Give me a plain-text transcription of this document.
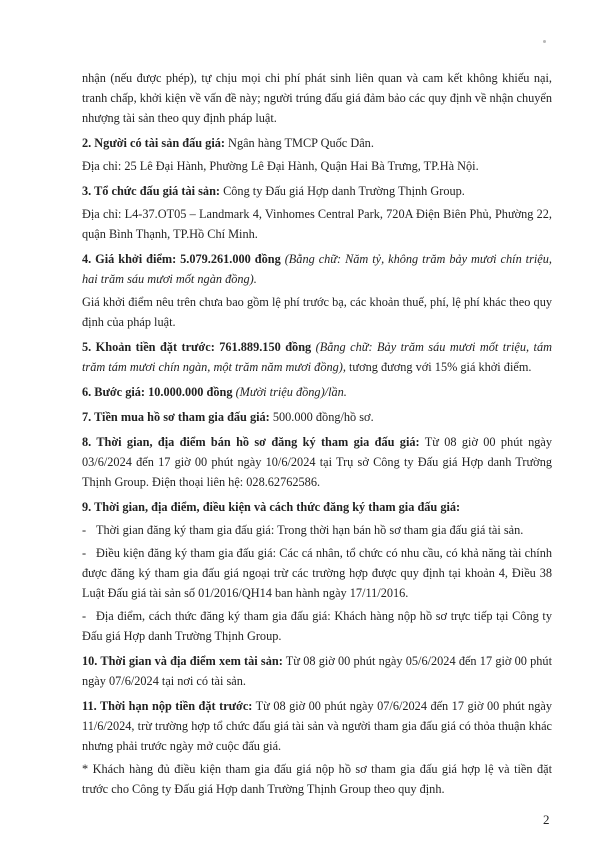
nhận (nếu được phép), tự chịu mọi chi phí phát sinh liên quan và cam kết không khiếu nại, tranh chấp, khởi kiện về vấn đề này; người trúng đấu giá đảm bảo các quy định về nhận chuyển nhượng tài sản theo quy định pháp luật.

2. Người có tài sản đấu giá: Ngân hàng TMCP Quốc Dân.

Địa chỉ: 25 Lê Đại Hành, Phường Lê Đại Hành, Quận Hai Bà Trưng, TP.Hà Nội.

3. Tổ chức đấu giá tài sản: Công ty Đấu giá Hợp danh Trường Thịnh Group.

Địa chỉ: L4-37.OT05 – Landmark 4, Vinhomes Central Park, 720A Điện Biên Phủ, Phường 22, quận Bình Thạnh, TP.Hồ Chí Minh.

4. Giá khởi điểm: 5.079.261.000 đồng (Bằng chữ: Năm tỷ, không trăm bảy mươi chín triệu, hai trăm sáu mươi mốt ngàn đồng).

Giá khởi điểm nêu trên chưa bao gồm lệ phí trước bạ, các khoản thuế, phí, lệ phí khác theo quy định của pháp luật.

5. Khoản tiền đặt trước: 761.889.150 đồng (Bằng chữ: Bảy trăm sáu mươi mốt triệu, tám trăm tám mươi chín ngàn, một trăm năm mươi đồng), tương đương với 15% giá khởi điểm.

6. Bước giá: 10.000.000 đồng (Mười triệu đồng)/lần.

7. Tiền mua hồ sơ tham gia đấu giá: 500.000 đồng/hồ sơ.

8. Thời gian, địa điểm bán hồ sơ đăng ký tham gia đấu giá: Từ 08 giờ 00 phút ngày 03/6/2024 đến 17 giờ 00 phút ngày 10/6/2024 tại Trụ sở Công ty Đấu giá Hợp danh Trường Thịnh Group. Điện thoại liên hệ: 028.62762586.

9. Thời gian, địa điểm, điều kiện và cách thức đăng ký tham gia đấu giá:

- Thời gian đăng ký tham gia đấu giá: Trong thời hạn bán hồ sơ tham gia đấu giá tài sản.

- Điều kiện đăng ký tham gia đấu giá: Các cá nhân, tổ chức có nhu cầu, có khả năng tài chính được đăng ký tham gia đấu giá ngoại trừ các trường hợp được quy định tại khoản 4, Điều 38 Luật Đấu giá tài sản số 01/2016/QH14 ban hành ngày 17/11/2016.

- Địa điểm, cách thức đăng ký tham gia đấu giá: Khách hàng nộp hồ sơ trực tiếp tại Công ty Đấu giá Hợp danh Trường Thịnh Group.

10. Thời gian và địa điểm xem tài sản: Từ 08 giờ 00 phút ngày 05/6/2024 đến 17 giờ 00 phút ngày 07/6/2024 tại nơi có tài sản.

11. Thời hạn nộp tiền đặt trước: Từ 08 giờ 00 phút ngày 07/6/2024 đến 17 giờ 00 phút ngày 11/6/2024, trừ trường hợp tổ chức đấu giá tài sản và người tham gia đấu giá có thỏa thuận khác nhưng phải trước ngày mở cuộc đấu giá.

* Khách hàng đủ điều kiện tham gia đấu giá nộp hồ sơ tham gia đấu giá hợp lệ và tiền đặt trước cho Công ty Đấu giá Hợp danh Trường Thịnh Group theo quy định.

2
